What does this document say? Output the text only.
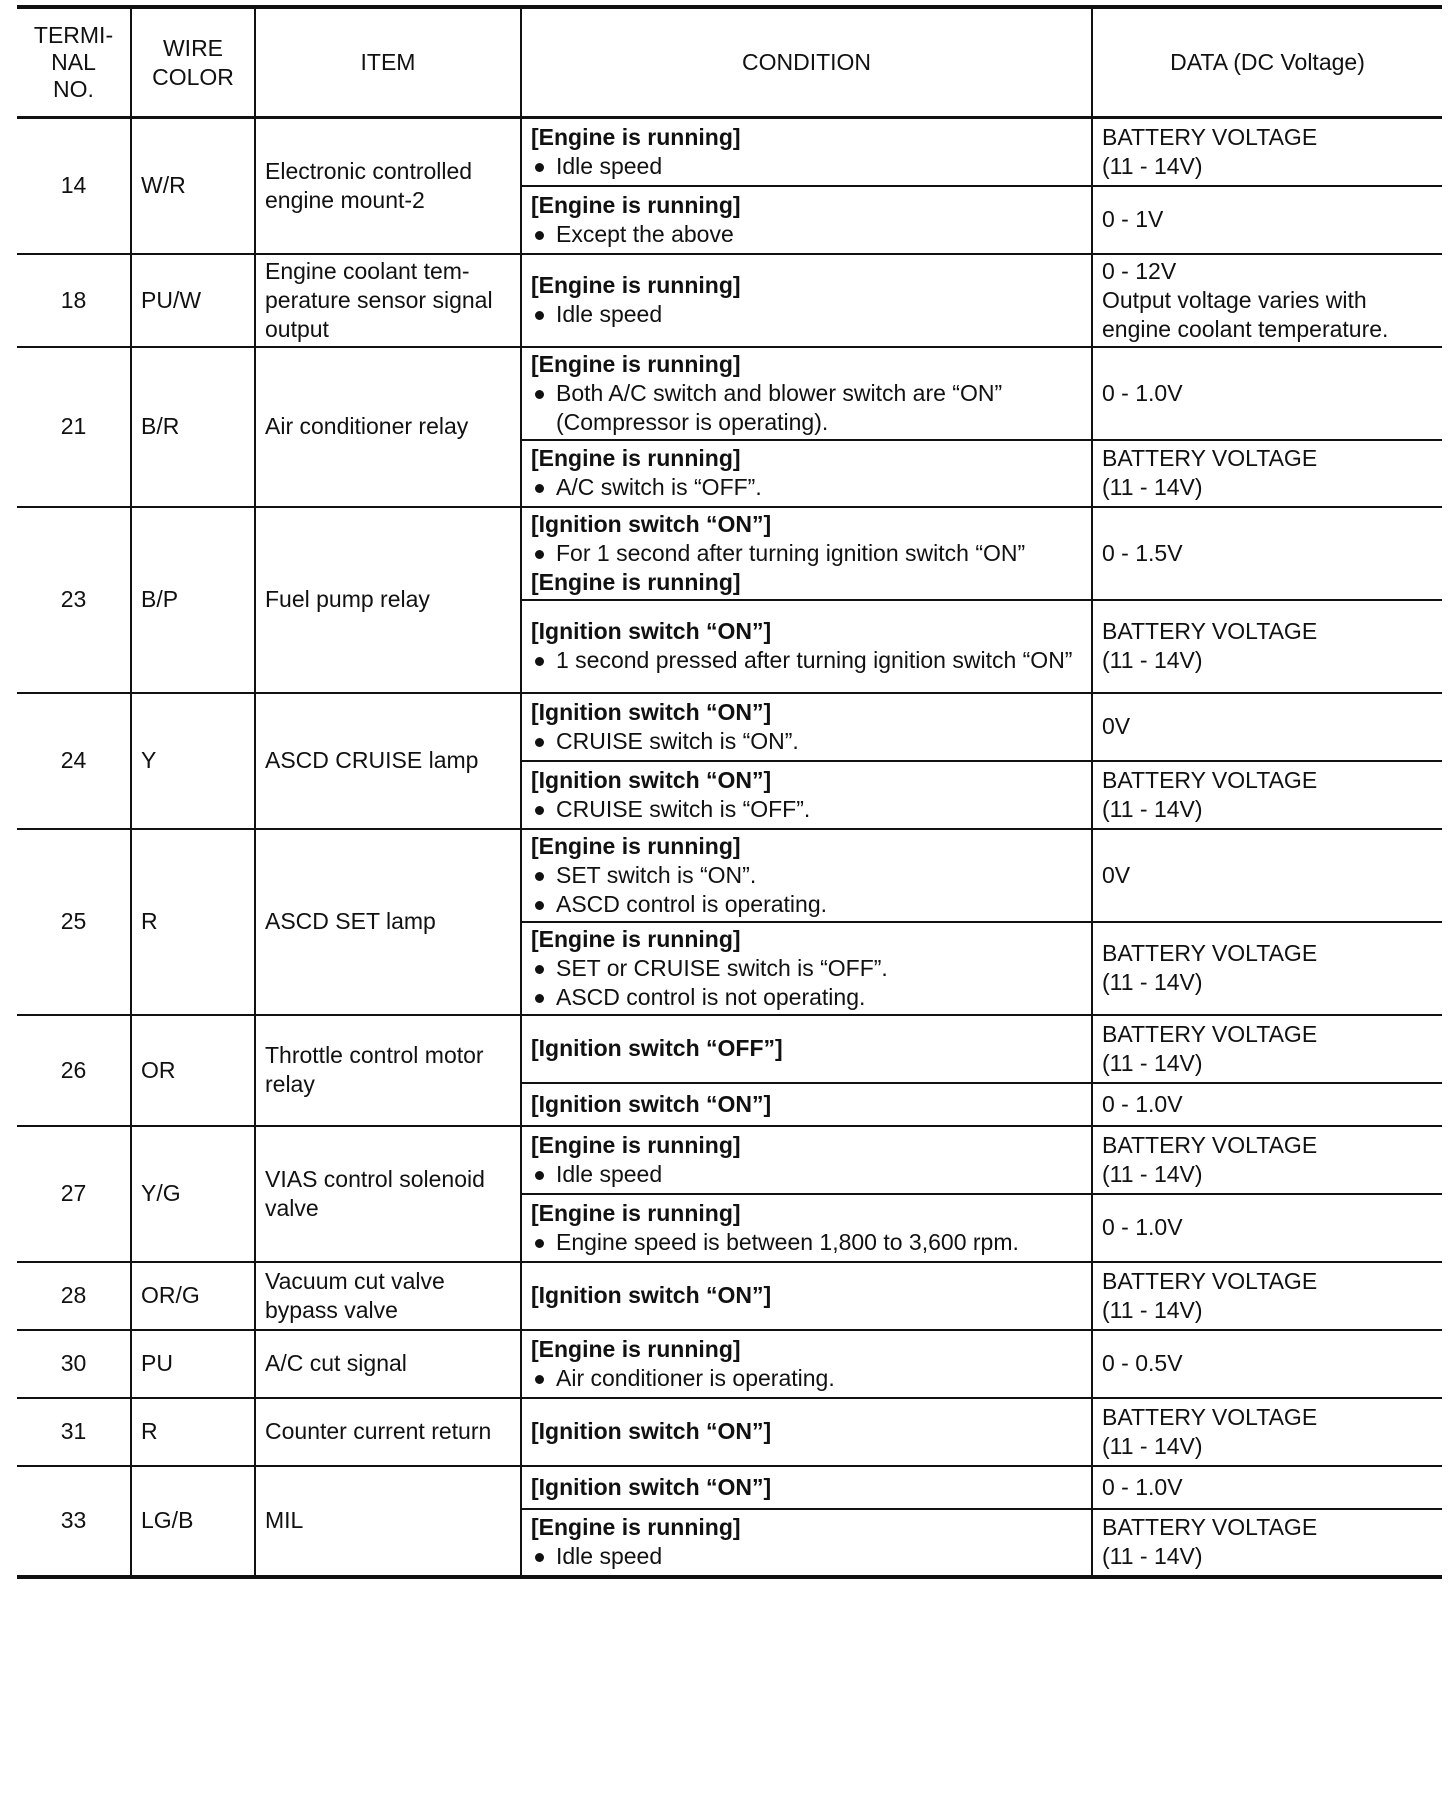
TERMI-
NAL
NO.	WIRE
COLOR	ITEM	CONDITION	DATA (DC Voltage)
14	W/R	Electronic controlled engine mount-2	[Engine is running]
Idle speed	BATTERY VOLTAGE
(11 - 14V)

			[Engine is running]
Except the above	0 - 1V

18	PU/W	Engine coolant tem-perature sensor signal output	[Engine is running]
Idle speed	0 - 12V
Output voltage varies with engine coolant temperature.

21	B/R	Air conditioner relay	[Engine is running]
Both A/C switch and blower switch are “ON” (Compressor is operating).	0 - 1.0V

			[Engine is running]
A/C switch is “OFF”.	BATTERY VOLTAGE
(11 - 14V)

23	B/P	Fuel pump relay	[Ignition switch “ON”]
For 1 second after turning ignition switch “ON”
[Engine is running]	0 - 1.5V

			[Ignition switch “ON”]
1 second pressed after turning ignition switch “ON”	BATTERY VOLTAGE
(11 - 14V)

24	Y	ASCD CRUISE lamp	[Ignition switch “ON”]
CRUISE switch is “ON”.	0V

			[Ignition switch “ON”]
CRUISE switch is “OFF”.	BATTERY VOLTAGE
(11 - 14V)

25	R	ASCD SET lamp	[Engine is running]
SET switch is “ON”.
ASCD control is operating.	0V

			[Engine is running]
SET or CRUISE switch is “OFF”.
ASCD control is not operating.	BATTERY VOLTAGE
(11 - 14V)

26	OR	Throttle control motor relay	[Ignition switch “OFF”]	BATTERY VOLTAGE
(11 - 14V)

			[Ignition switch “ON”]	0 - 1.0V

27	Y/G	VIAS control solenoid valve	[Engine is running]
Idle speed	BATTERY VOLTAGE
(11 - 14V)

			[Engine is running]
Engine speed is between 1,800 to 3,600 rpm.	0 - 1.0V

28	OR/G	Vacuum cut valve bypass valve	[Ignition switch “ON”]	BATTERY VOLTAGE
(11 - 14V)

30	PU	A/C cut signal	[Engine is running]
Air conditioner is operating.	0 - 0.5V

31	R	Counter current return	[Ignition switch “ON”]	BATTERY VOLTAGE
(11 - 14V)

33	LG/B	MIL	[Ignition switch “ON”]	0 - 1.0V

			[Engine is running]
Idle speed	BATTERY VOLTAGE
(11 - 14V)
